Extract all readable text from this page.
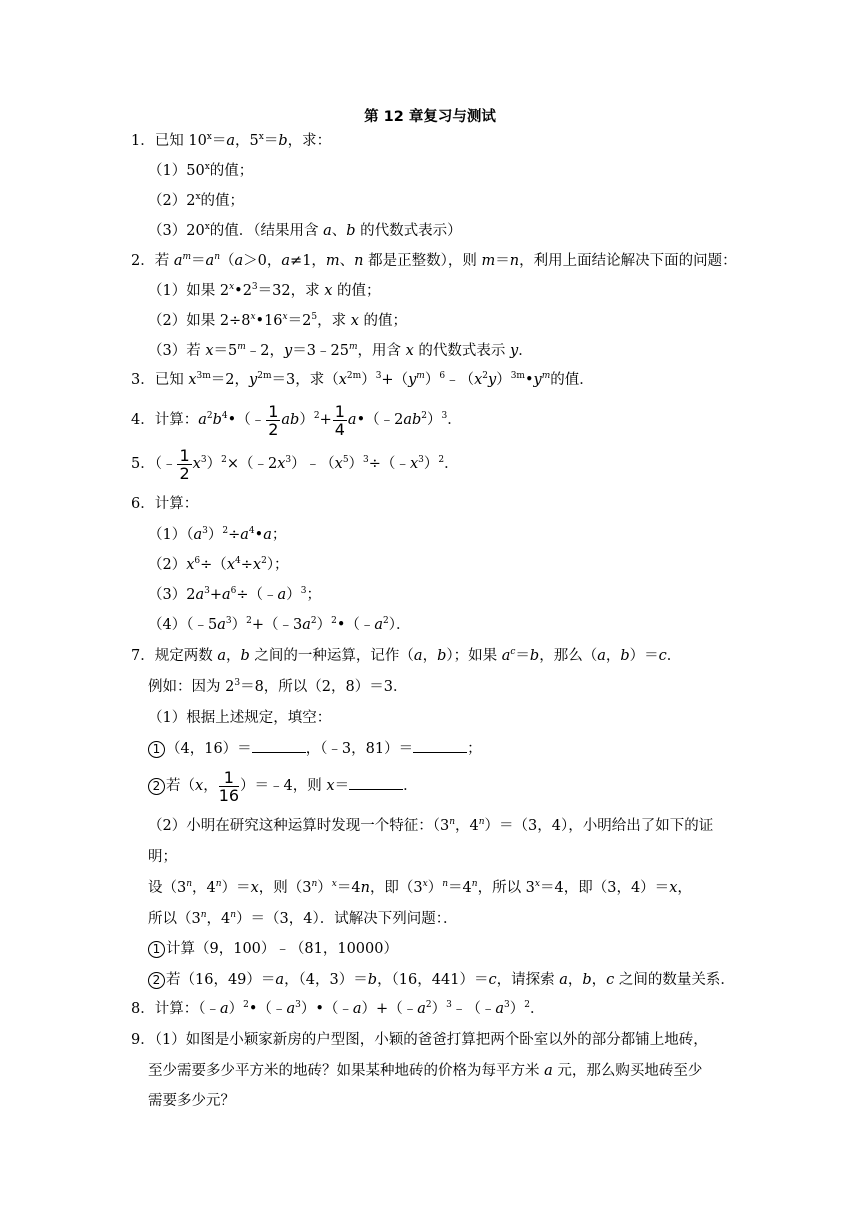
第 12 章复习与测试
1．已知 $10^x=a$，$5^x=b$，求：
（1）50$^x$的值；
（2）2$^x$的值；
（3）20$^x$的值．（结果用含 a、b 的代数式表示）
2．若 $a^m=a^n(a>0$，a≠1，m、n 都是正整数），则 m＝n，利用上面结论解决下面的问题：
（1）如果 $2^x•2^3=32$，求 x 的值；
（2）如果 $2\div 8^x•16^x=2^5$，求 x 的值；
（3）若 $x=5^m﹣2$，$y=3﹣25^m$，用含 x 的代数式表示 y．
3．已知 $x^{3m}=2$，$y^{2m}=3$，求$(x^{2m})^3+(y^m)^6﹣(x^2y)^{3m}•y^m$的值．
4．计算：$a^2b^4•(﹣ \frac{1}{2} ab)^2+ \frac{1}{4}$ $a•(﹣2ab^2)^3$．
5．（﹣ $\frac{1}{2}$ $x^3)^2\times(﹣2x^3)﹣(x^5)^3\div(﹣x^3)^2$．
6．计算：
$(1)(a^3)^2\div a^4•a$；
$(2)x^6\div(x^4\div x^2)$；
$(3)2a^3+a^6\div(﹣a)^3$；
$(4)(﹣5a^3)^2+(﹣3a^2)^2•(﹣a^2)$．
7．规定两数 a，b 之间的一种运算，记作（a，b）；如果 $a^c=b$，那么（a，b）＝c．
例如：因为 $2^3=8$，所以（2，8）＝3．
（1）根据上述规定，填空：
1 （4，16）＝	，（﹣3，81）＝	；
2 若（x， $\frac{1}{16}$ ）＝﹣4，则 x＝	．
（2）小明在研究这种运算时发现一个特征：（3$^n$，$4^n)=(3$，4），小明给出了如下的证
明；
设（3$^n$，$4^n)=x$，则$(3^n)^x=4n$，即$(3^x)^n=4^n$，所以 $3^x=4$，即（3，4）＝x，
所以（3$^n$，$4^n)=(3$，4）．试解决下列问题：．
1 计算（9，100）﹣（81，10000）
2 若（16，49）＝a，（4，3）＝b，（16，441）＝c，请探索 a，b，c 之间的数量关系．
8．计算：$(﹣a)^2•(﹣a^3)•(﹣a)+(﹣a^2)^3﹣(﹣a^3)^2$．
9．（1）如图是小颖家新房的户型图，小颖的爸爸打算把两个卧室以外的部分都铺上地砖，
至少需要多少平方米的地砖？如果某种地砖的价格为每平方米 a 元，那么购买地砖至少
需要多少元？
